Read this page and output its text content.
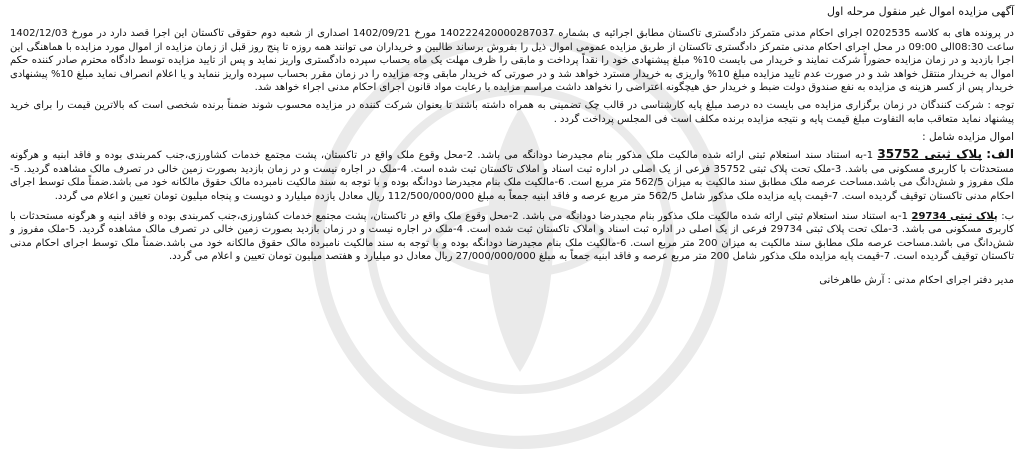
آگهی مزایده اموال غیر منقول مرحله اول

در پرونده های به کلاسه 0202535 اجرای احکام مدنی متمرکز دادگستری تاکستان مطابق اجرائیه ی بشماره 140222420000287037 مورخ 1402/09/21 اصداری از شعبه دوم حقوقی تاکستان این اجرا قصد دارد در مورخ 1402/12/03 ساعت 08:30الی 09:00 در محل اجرای احکام مدنی متمرکز دادگستری تاکستان از طریق مزایده عمومی اموال ذیل را بفروش برساند طالبین و خریداران می توانند همه روزه تا پنج روز قبل از زمان مزایده از اموال مورد مزایده با هماهنگی این اجرا بازدید و در زمان مزایده حضوراً شرکت نمایند و خریدار می بایست 10% مبلغ پیشنهادی خود را نقداً پرداخت و مابقی را ظرف مهلت یک ماه بحساب سپرده دادگستری واریز نماید و پس از تایید مزایده توسط دادگاه محترم صادر کننده حکم اموال به خریدار منتقل خواهد شد و در صورت عدم تایید مزایده مبلغ 10% واریزی به خریدار مسترد خواهد شد و در صورتی که خریدار مابقی وجه مزایده را در زمان مقرر بحساب سپرده واریز ننماید و یا اعلام انصراف نماید مبلغ 10% پیشنهادی خریدار پس از کسر هزینه ی مزایده به نفع صندوق دولت ضبط و خریدار حق هیچگونه اعتراضی را نخواهد داشت مراسم مزایده با رعایت مواد قانون اجرای احکام مدنی اجراء خواهد شد.

توجه : شرکت کنندگان در زمان برگزاری مزایده می بایست ده درصد مبلغ پایه کارشناسی در قالب چک تضمینی به همراه داشته باشند تا بعنوان شرکت کننده در مزایده محسوب شوند ضمناً برنده شخصی است که بالاترین قیمت را برای خرید پیشنهاد نماید متعاقب مابه التفاوت مبلغ قیمت پایه و نتیجه مزایده برنده مکلف است فی المجلس پرداخت گردد .

اموال مزایده شامل :

الف: پلاک ثبتی 35752 1-به استناد سند استعلام ثبتی ارائه شده مالکیت ملک مذکور بنام مجیدرضا دودانگه می باشد. 2-محل وقوع ملک واقع در تاکستان، پشت مجتمع خدمات کشاورزی،جنب کمربندی بوده و فاقد ابنیه و هرگونه مستحدثات با کاربری مسکونی می باشد. 3-ملک تحت پلاک ثبتی 35752 فرعی از یک اصلی در اداره ثبت اسناد و املاک تاکستان ثبت شده است. 4-ملک در اجاره نیست و در زمان بازدید بصورت زمین خالی در تصرف مالک مشاهده گردید. 5-ملک مفروز و شش‌دانگ می باشد.مساحت عرصه ملک مطابق سند مالکیت به میزان 562/5 متر مربع است. 6-مالکیت ملک بنام مجیدرضا دودانگه بوده و با توجه به سند مالکیت نامبرده مالک حقوق مالکانه خود می باشد.ضمناً ملک توسط اجرای احکام مدنی تاکستان توقیف گردیده است. 7-قیمت پایه مزایده ملک مذکور شامل 562/5 متر مربع عرصه و فاقد ابنیه جمعاً به مبلغ 112/500/000/000 ریال معادل یازده میلیارد و دویست و پنجاه میلیون تومان تعیین و اعلام می گردد.

ب: پلاک ثبتی 29734 1-به استناد سند استعلام ثبتی ارائه شده مالکیت ملک مذکور بنام مجیدرضا دودانگه می باشد. 2-محل وقوع ملک واقع در تاکستان، پشت مجتمع خدمات کشاورزی،جنب کمربندی بوده و فاقد ابنیه و هرگونه مستحدثات با کاربری مسکونی می باشد. 3-ملک تحت پلاک ثبتی 29734 فرعی از یک اصلی در اداره ثبت اسناد و املاک تاکستان ثبت شده است. 4-ملک در اجاره نیست و در زمان بازدید بصورت زمین خالی در تصرف مالک مشاهده گردید. 5-ملک مفروز و شش‌دانگ می باشد.مساحت عرصه ملک مطابق سند مالکیت به میزان 200 متر مربع است. 6-مالکیت ملک بنام مجیدرضا دودانگه بوده و با توجه به سند مالکیت نامبرده مالک حقوق مالکانه خود می باشد.ضمناً ملک توسط اجرای احکام مدنی تاکستان توقیف گردیده است. 7-قیمت پایه مزایده ملک مذکور شامل 200 متر مربع عرصه و فاقد ابنیه جمعاً به مبلغ 27/000/000/000 ریال معادل دو میلیارد و هفتصد میلیون تومان تعیین و اعلام می گردد.

مدیر دفتر اجرای احکام مدنی : آرش طاهرخانی
